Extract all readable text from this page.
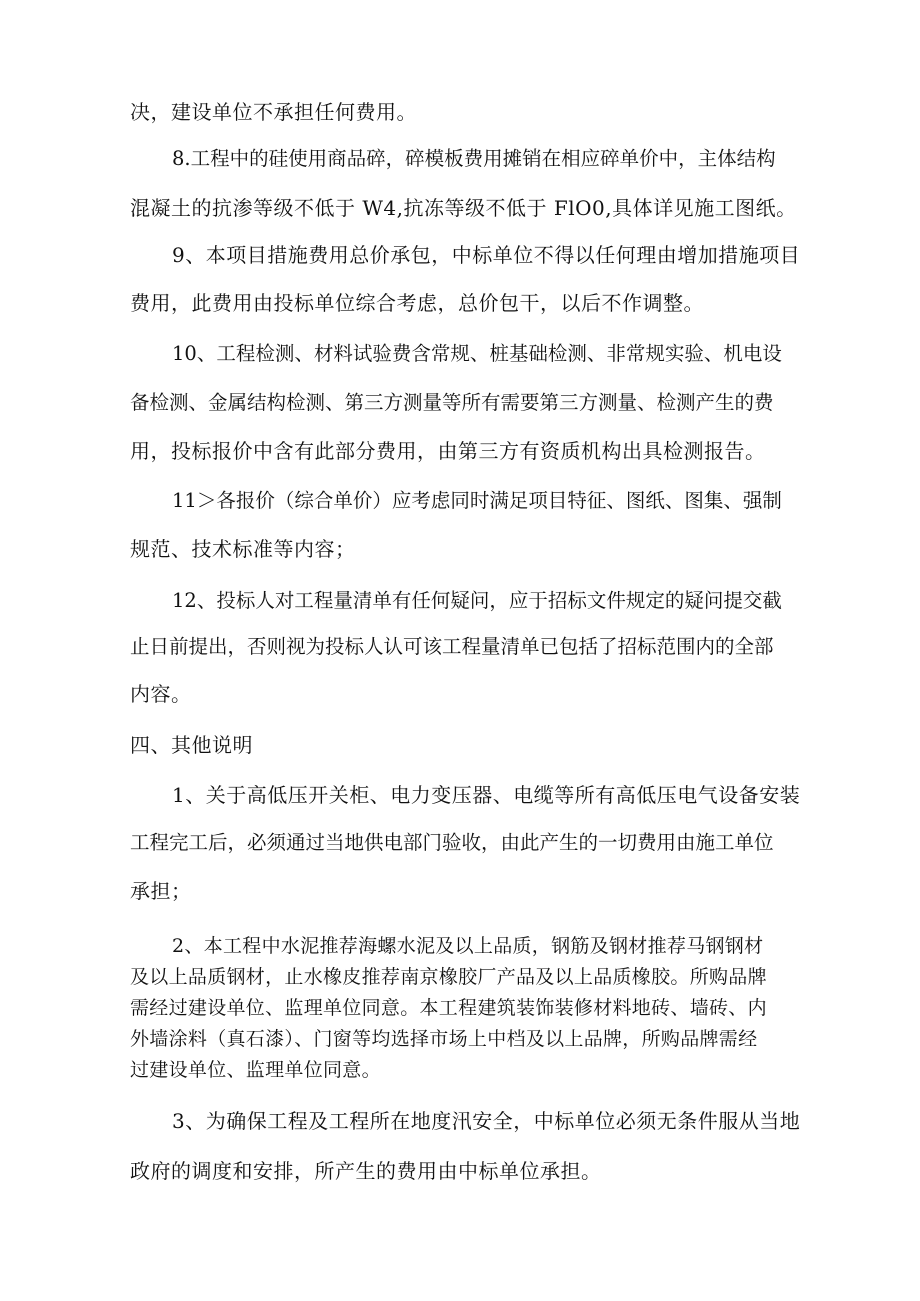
决，建设单位不承担任何费用。
8.工程中的硅使用商品碎，碎模板费用摊销在相应碎单价中，主体结构
混凝土的抗渗等级不低于 W4,抗冻等级不低于 FlO0,具体详见施工图纸。
9、本项目措施费用总价承包，中标单位不得以任何理由增加措施项目
费用，此费用由投标单位综合考虑，总价包干，以后不作调整。
10、工程检测、材料试验费含常规、桩基础检测、非常规实验、机电设
备检测、金属结构检测、第三方测量等所有需要第三方测量、检测产生的费
用，投标报价中含有此部分费用，由第三方有资质机构出具检测报告。
11＞各报价（综合单价）应考虑同时满足项目特征、图纸、图集、强制
规范、技术标准等内容；
12、投标人对工程量清单有任何疑问，应于招标文件规定的疑问提交截
止日前提出，否则视为投标人认可该工程量清单已包括了招标范围内的全部
内容。
四、其他说明
1、关于高低压开关柜、电力变压器、电缆等所有高低压电气设备安装
工程完工后，必须通过当地供电部门验收，由此产生的一切费用由施工单位
承担；
2、本工程中水泥推荐海螺水泥及以上品质，钢筋及钢材推荐马钢钢材
及以上品质钢材，止水橡皮推荐南京橡胶厂产品及以上品质橡胶。所购品牌
需经过建设单位、监理单位同意。本工程建筑装饰装修材料地砖、墙砖、内
外墙涂料（真石漆）、门窗等均选择市场上中档及以上品牌，所购品牌需经
过建设单位、监理单位同意。
3、为确保工程及工程所在地度汛安全，中标单位必须无条件服从当地
政府的调度和安排，所产生的费用由中标单位承担。
